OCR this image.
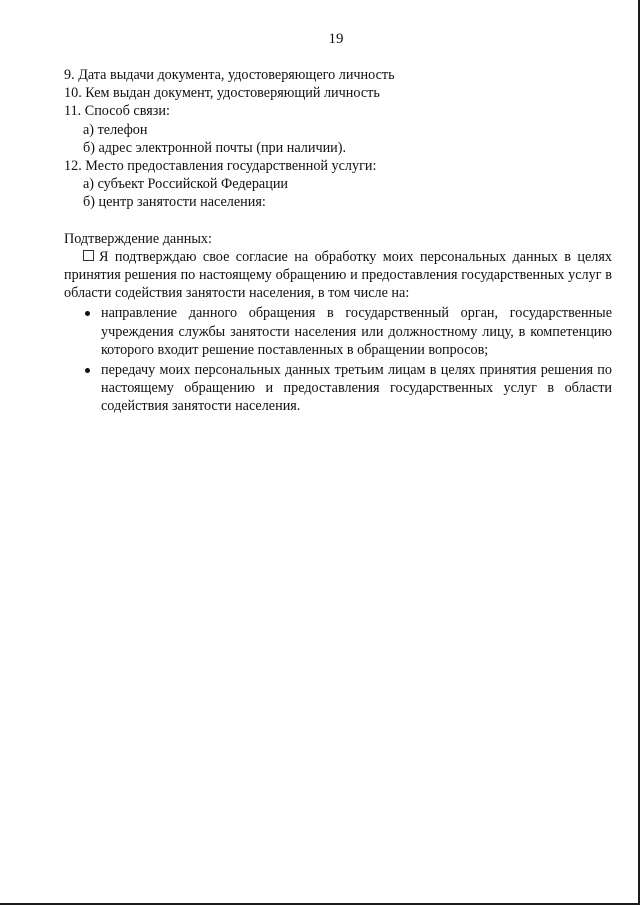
19
9. Дата выдачи документа, удостоверяющего личность
10. Кем выдан документ, удостоверяющий личность
11. Способ связи:
а) телефон
б) адрес электронной почты (при наличии).
12. Место предоставления государственной услуги:
а) субъект Российской Федерации
б) центр занятости населения:
Подтверждение данных:
Я подтверждаю свое согласие на обработку моих персональных данных в целях принятия решения по настоящему обращению и предоставления государственных услуг в области содействия занятости населения, в том числе на:
направление данного обращения в государственный орган, государственные учреждения службы занятости населения или должностному лицу, в компетенцию которого входит решение поставленных в обращении вопросов;
передачу моих персональных данных третьим лицам в целях принятия решения по настоящему обращению и предоставления государственных услуг в области содействия занятости населения.
